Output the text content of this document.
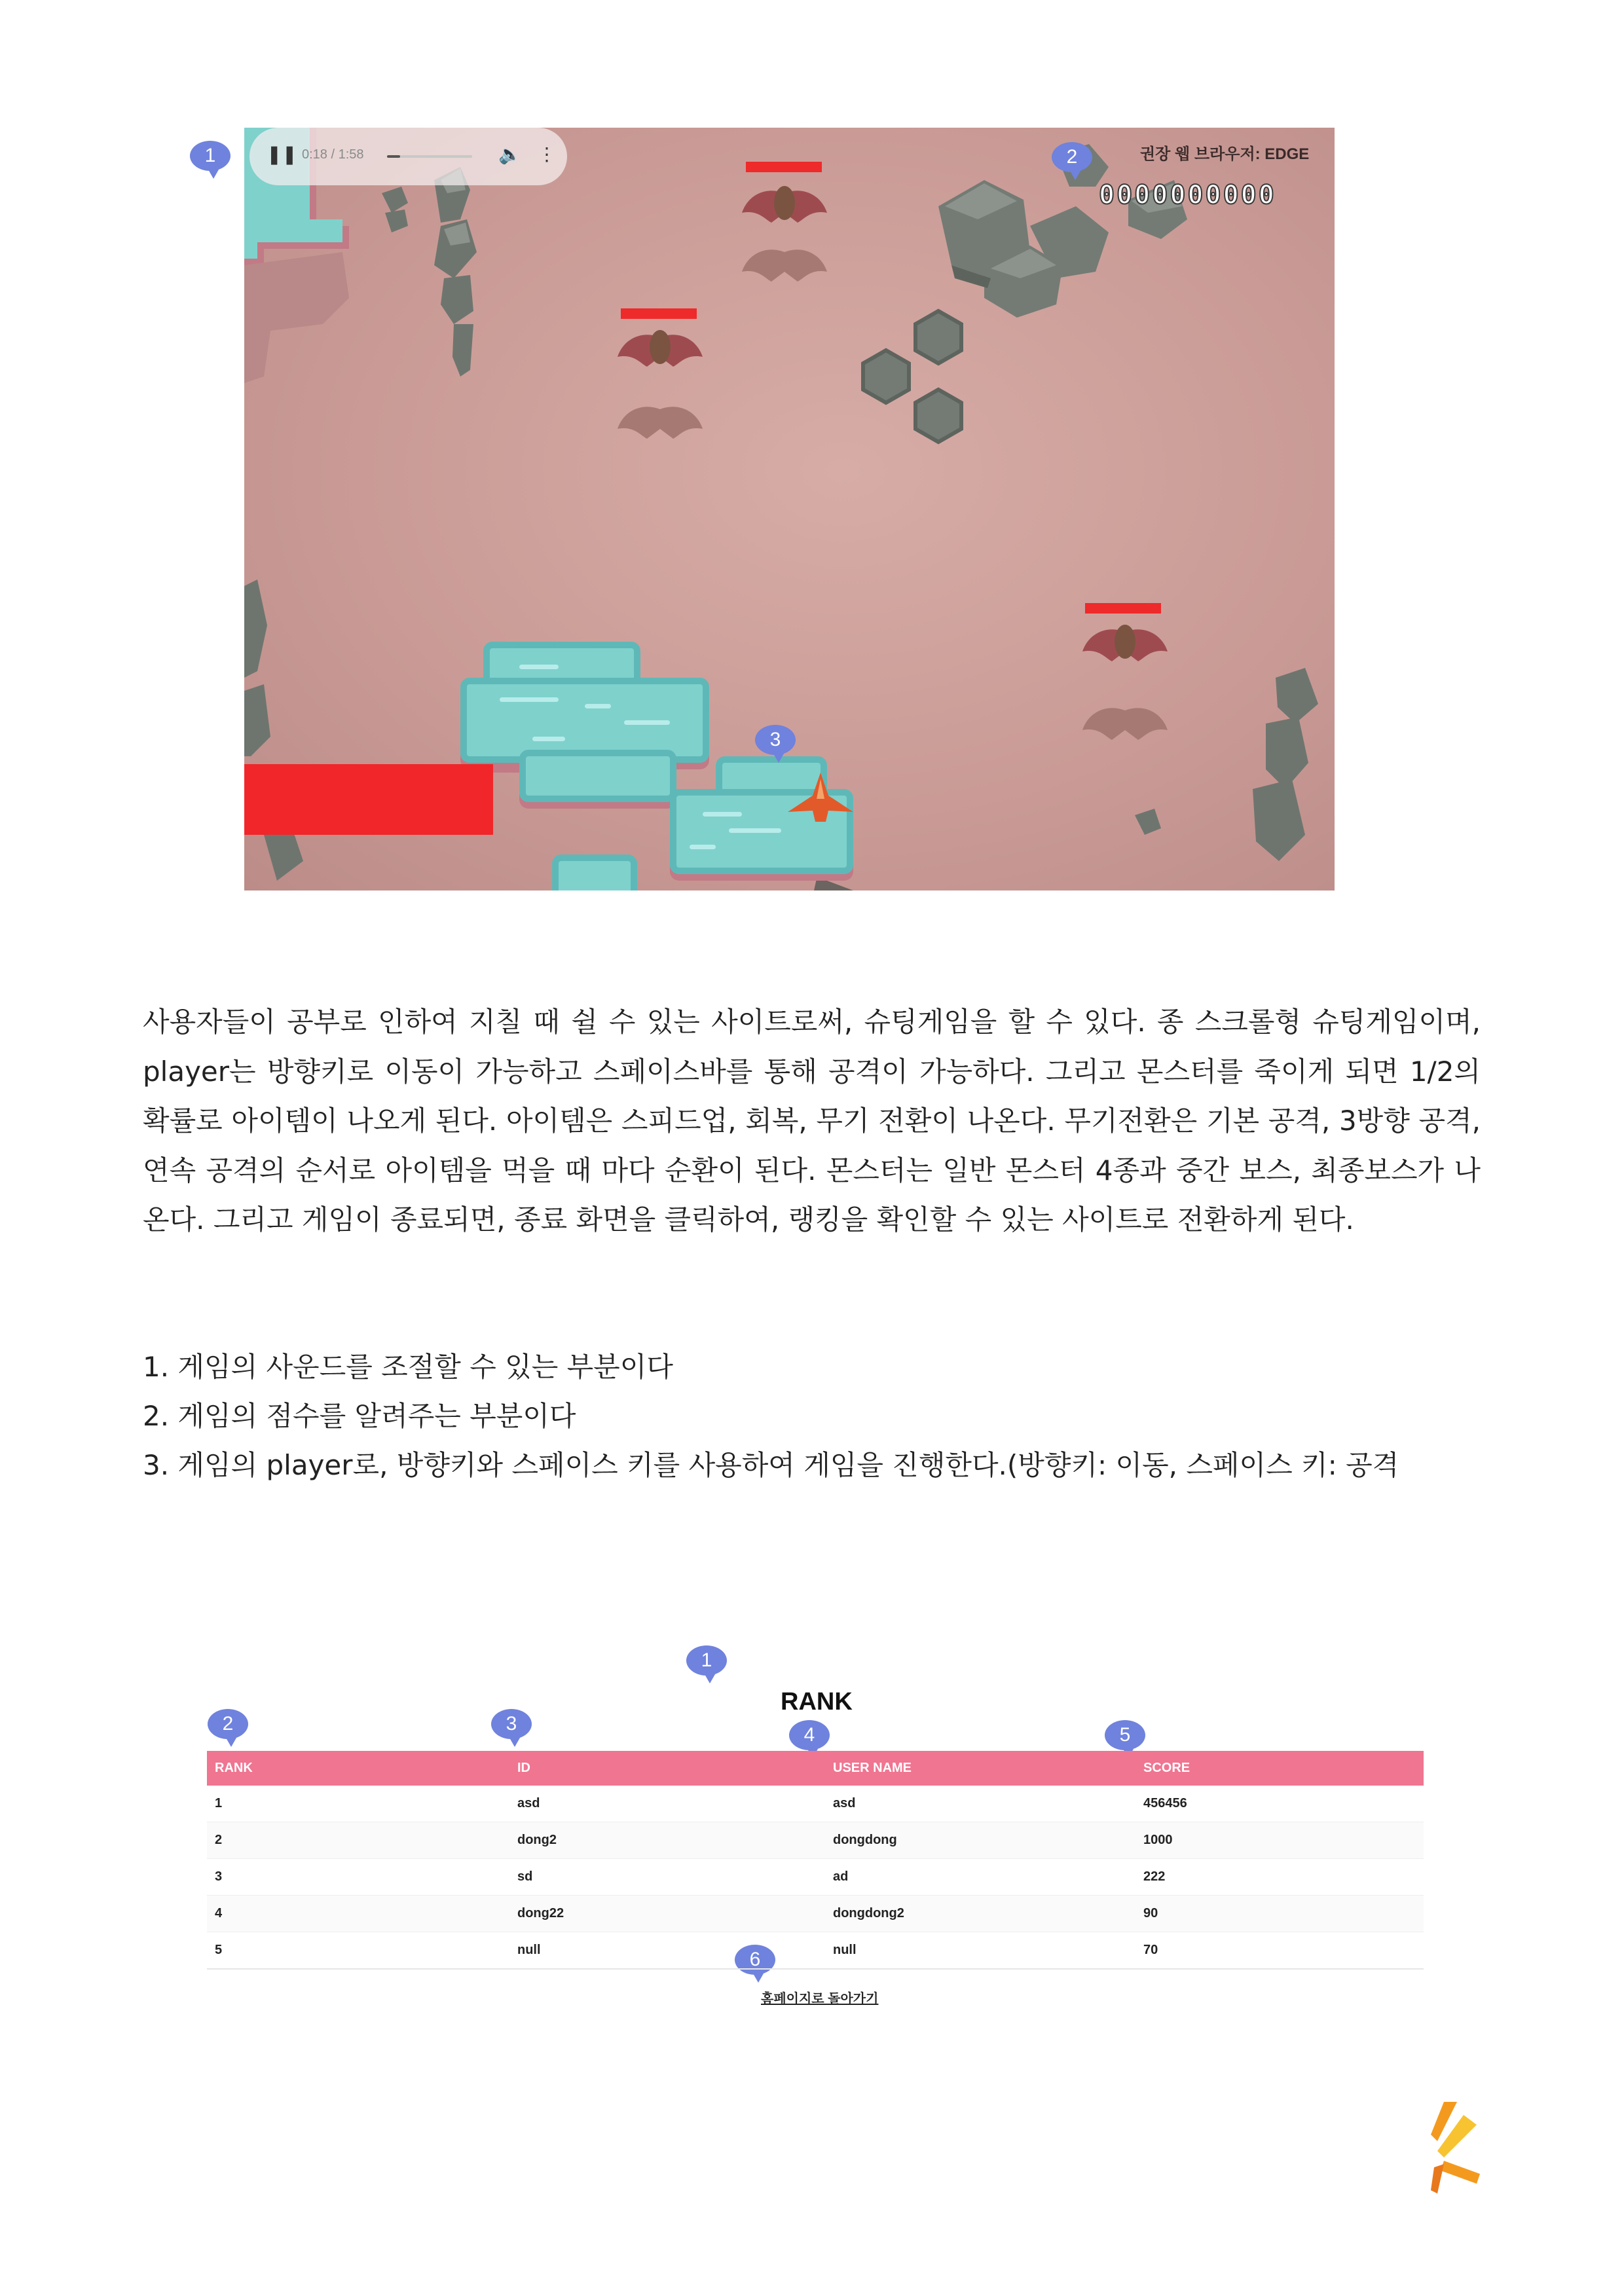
❚❚ 0:18 / 1:58	🔈 ⋮	권장 웹 브라우저: EDGE
0000000000
2
3
1

사용자들이 공부로 인하여 지칠 때 쉴 수 있는 사이트로써, 슈팅게임을 할 수 있다. 종 스크롤형 슈팅게임이며, player는 방향키로 이동이 가능하고 스페이스바를 통해 공격이 가능하다. 그리고 몬스터를 죽이게 되면 1/2의 확률로 아이템이 나오게 된다. 아이템은 스피드업, 회복, 무기 전환이 나온다. 무기전환은 기본 공격, 3방향 공격, 연속 공격의 순서로 아이템을 먹을 때 마다 순환이 된다. 몬스터는 일반 몬스터 4종과 중간 보스, 최종보스가 나온다. 그리고 게임이 종료되면, 종료 화면을 클릭하여, 랭킹을 확인할 수 있는 사이트로 전환하게 된다.

1. 게임의 사운드를 조절할 수 있는 부분이다
2. 게임의 점수를 알려주는 부분이다
3. 게임의 player로, 방향키와 스페이스 키를 사용하여 게임을 진행한다.(방향키: 이동, 스페이스 키: 공격
1
2	3
4	5
6
RANK
RANK	ID	USER NAME	SCORE
1	asd	asd	456456
2	dong2	dongdong	1000
3	sd	ad	222
4	dong22	dongdong2	90
5	null	null	70
홈페이지로 돌아가기
